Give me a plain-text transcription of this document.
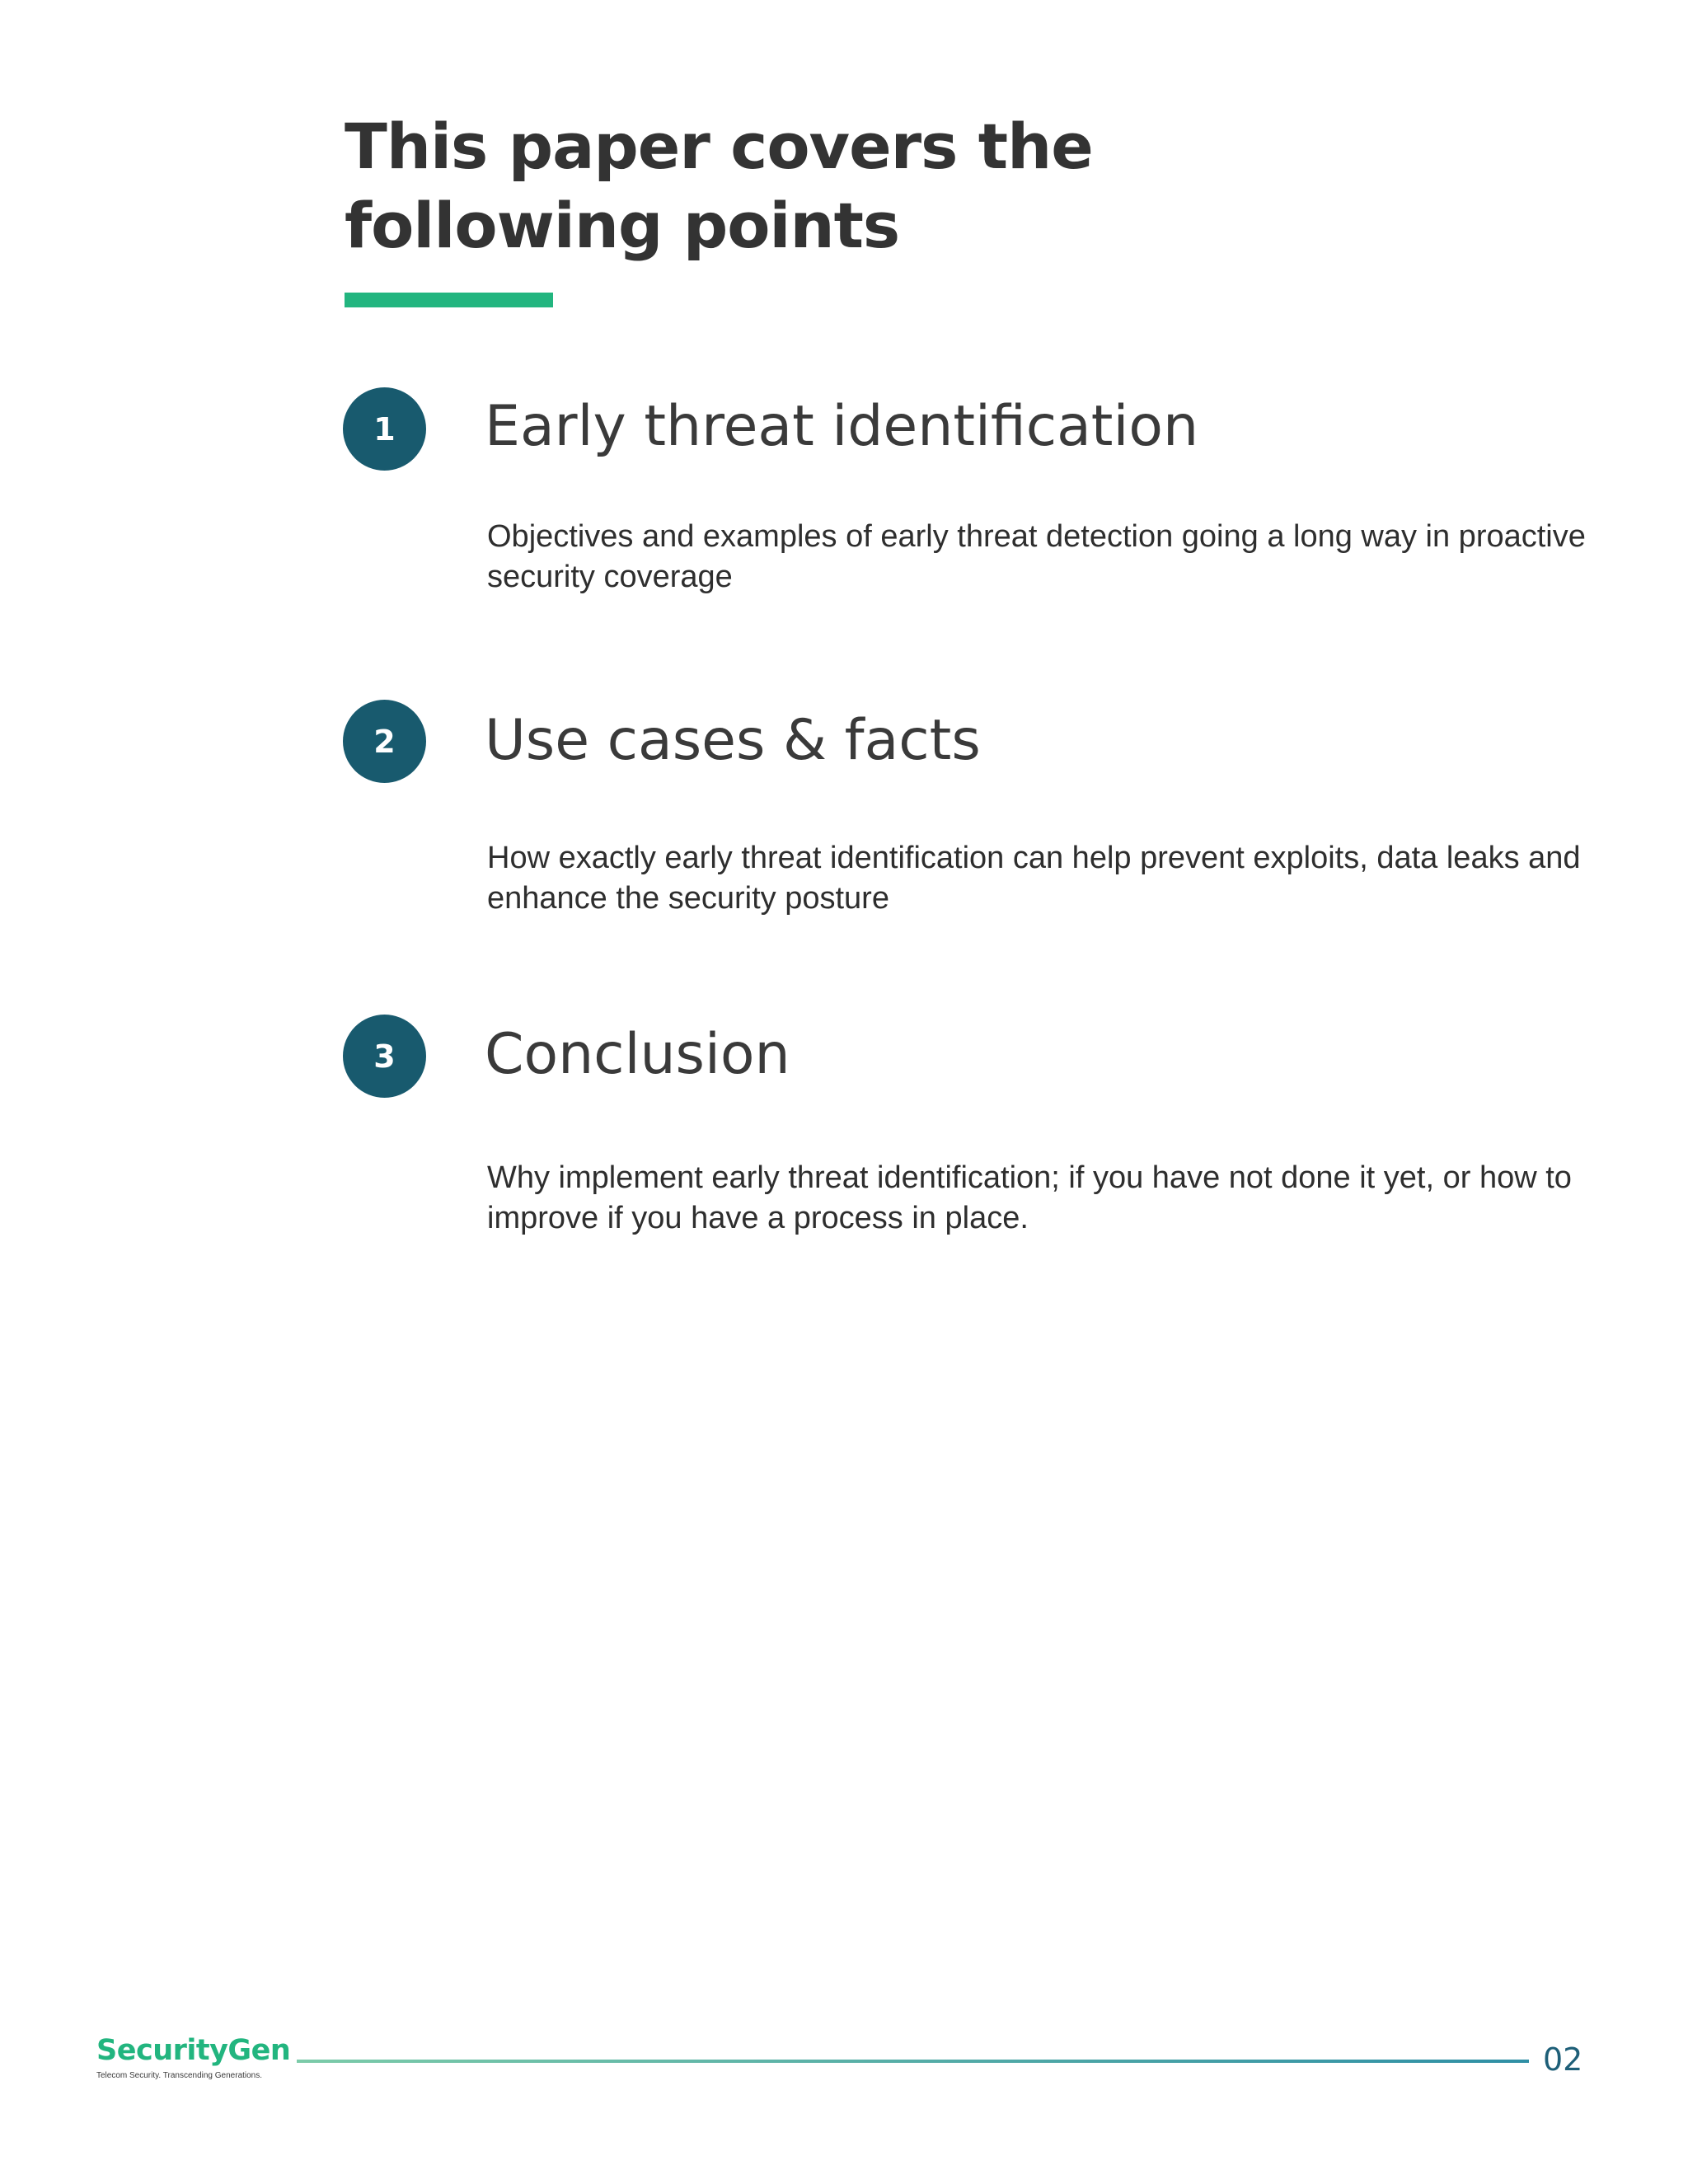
This paper covers the
following points
1	Early threat identification

Objectives and examples of early threat detection going a long way in proactive security coverage

2	Use cases & facts

How exactly early threat identification can help prevent exploits, data leaks and enhance the security posture

3	Conclusion

Why implement early threat identification; if you have not done it yet, or how to improve if you have a process in place.

SecurityGen
Telecom Security. Transcending Generations.	02
